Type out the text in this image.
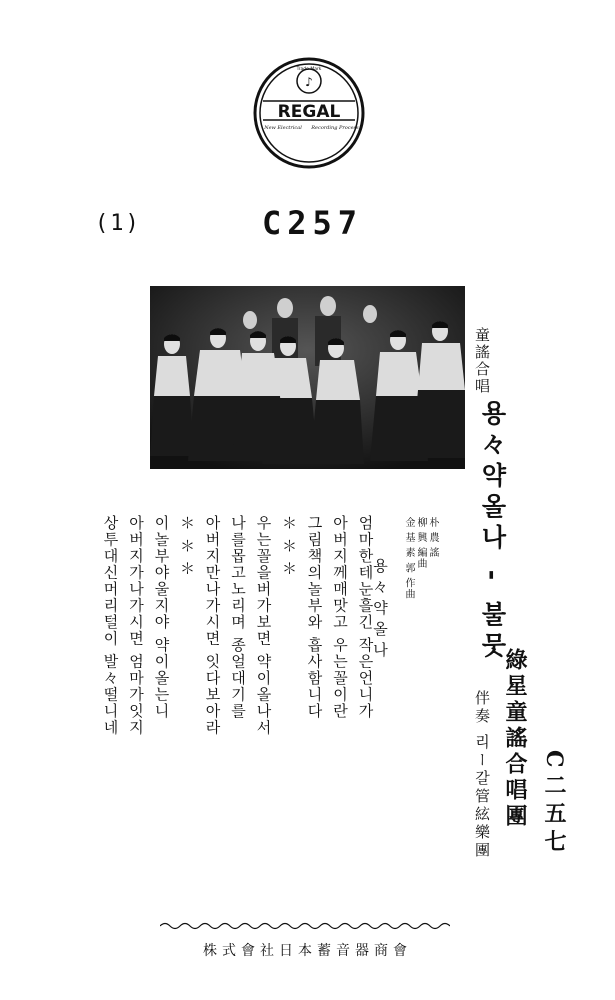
♪
Trade Mark
REGAL
New Electrical Recording Process
(1)	C257
童謠合唱
용々약올나 - 불뭇
朴 農 謠
柳 興 編曲
金 基 素 郭 作曲
용々약올나
엄마한테눈흘긴 작은언니가
아버지께매맛고 우는꼴이란
그림책의놀부와 흡사함니다
＊ ＊ ＊
우는꼴을버가보면 약이올나서
나를몹고노리며 종얼대기를
아버지만나가시면 잇다보아라
＊ ＊ ＊
이놀부야울지야 약이올는니
아버지가나가시면 엄마가잇지
상투대신머리털이 발々떨니네
綠星童謠合唱團
伴奏 리ー갈管絃樂團 C二五七
株式會社日本蓄音器商會
